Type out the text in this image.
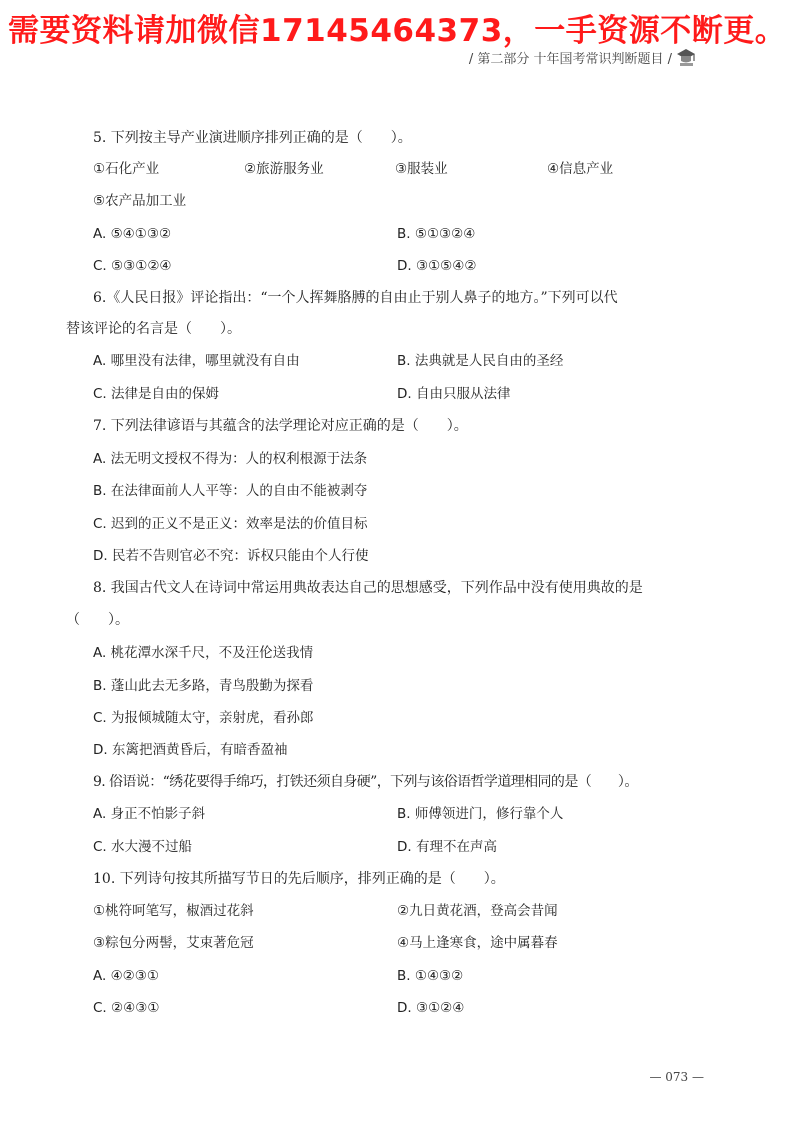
需要资料请加微信17145464373，一手资源不断更。
/ 第二部分 十年国考常识判断题目 /
5. 下列按主导产业演进顺序排列正确的是（　　）。
①石化产业	②旅游服务业	③服装业	④信息产业
⑤农产品加工业
A. ⑤④①③②	B. ⑤①③②④
C. ⑤③①②④	D. ③①⑤④②
6.《人民日报》评论指出：“一个人挥舞胳膊的自由止于别人鼻子的地方。”下列可以代
替该评论的名言是（　　）。
A. 哪里没有法律，哪里就没有自由	B. 法典就是人民自由的圣经
C. 法律是自由的保姆	D. 自由只服从法律
7. 下列法律谚语与其蕴含的法学理论对应正确的是（　　）。
A. 法无明文授权不得为：人的权利根源于法条
B. 在法律面前人人平等：人的自由不能被剥夺
C. 迟到的正义不是正义：效率是法的价值目标
D. 民若不告则官必不究：诉权只能由个人行使
8. 我国古代文人在诗词中常运用典故表达自己的思想感受，下列作品中没有使用典故的是
（　　）。
A. 桃花潭水深千尺，不及汪伦送我情
B. 蓬山此去无多路，青鸟殷勤为探看
C. 为报倾城随太守，亲射虎，看孙郎
D. 东篱把酒黄昏后，有暗香盈袖
9. 俗语说：“绣花要得手绵巧，打铁还须自身硬”，下列与该俗语哲学道理相同的是（　　）。
A. 身正不怕影子斜	B. 师傅领进门，修行靠个人
C. 水大漫不过船	D. 有理不在声高
10. 下列诗句按其所描写节日的先后顺序，排列正确的是（　　）。
①桃符呵笔写，椒酒过花斜	②九日黄花酒，登高会昔闻
③粽包分两髻，艾束著危冠	④马上逢寒食，途中属暮春
A. ④②③①	B. ①④③②
C. ②④③①	D. ③①②④
— 073 —
